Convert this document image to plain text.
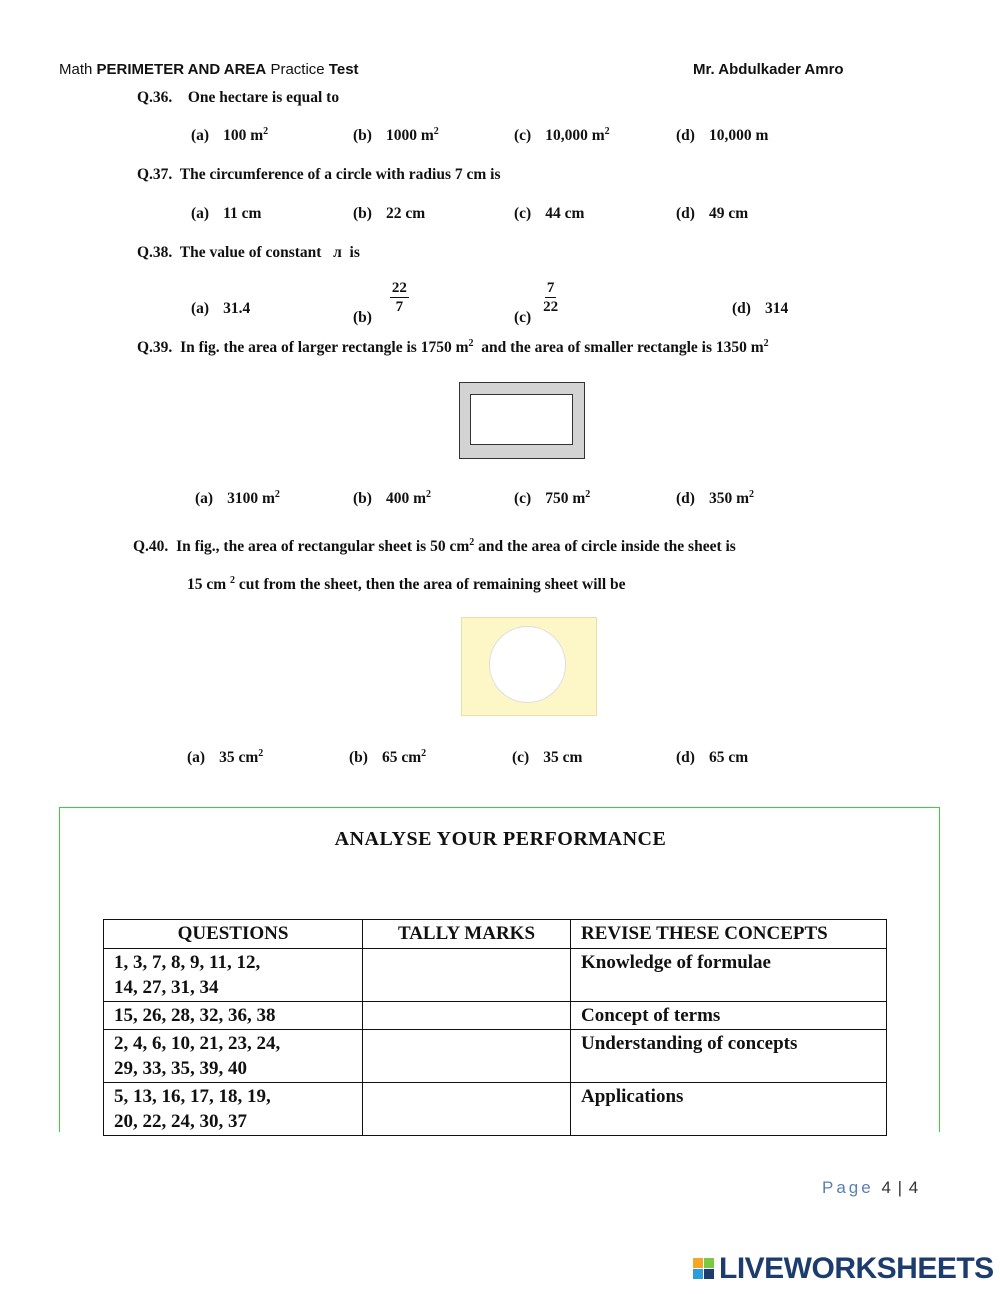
Math PERIMETER AND AREA Practice Test	Mr. Abdulkader Amro
Q.36. One hectare is equal to
(a) 100 $m^2$	(b) 1000 $m^2$	(c) 10,000 $m^2$	(d) 10,000 m
Q.37. The circumference of a circle with radius 7 cm is
(a) 11 cm	(b) 22 cm	(c) 44 cm	(d) 49 cm
Q.38. The value of constant л is
(a) 31.4
(b)
$\frac{22}{7}$
(c)
$\frac{7}{22}$	(d) 314
Q.39. In fig. the area of larger rectangle is 1750 $m^2$ and the area of smaller rectangle is 1350 $m^2$
(a) 3100 $m^2$	(b) 400 $m^2$	(c) 750 $m^2$	(d) 350 $m^2$
Q.40. In fig., the area of rectangular sheet is 50 $cm^2$ and the area of circle inside the sheet is
15 cm $^2$ cut from the sheet, then the area of remaining sheet will be
(a) 35 $cm^2$	(b) 65 $cm^2$	(c) 35 cm	(d) 65 cm
ANALYSE YOUR PERFORMANCE
QUESTIONS	TALLY MARKS	REVISE THESE CONCEPTS

1, 3, 7, 8, 9, 11, 12,
14, 27, 31, 34		Knowledge of formulae

15, 26, 28, 32, 36, 38		Concept of terms

2, 4, 6, 10, 21, 23, 24,
29, 33, 35, 39, 40		Understanding of concepts

5, 13, 16, 17, 18, 19,
20, 22, 24, 30, 37		Applications
Page 4 | 4
LIVEWORKSHEETS
